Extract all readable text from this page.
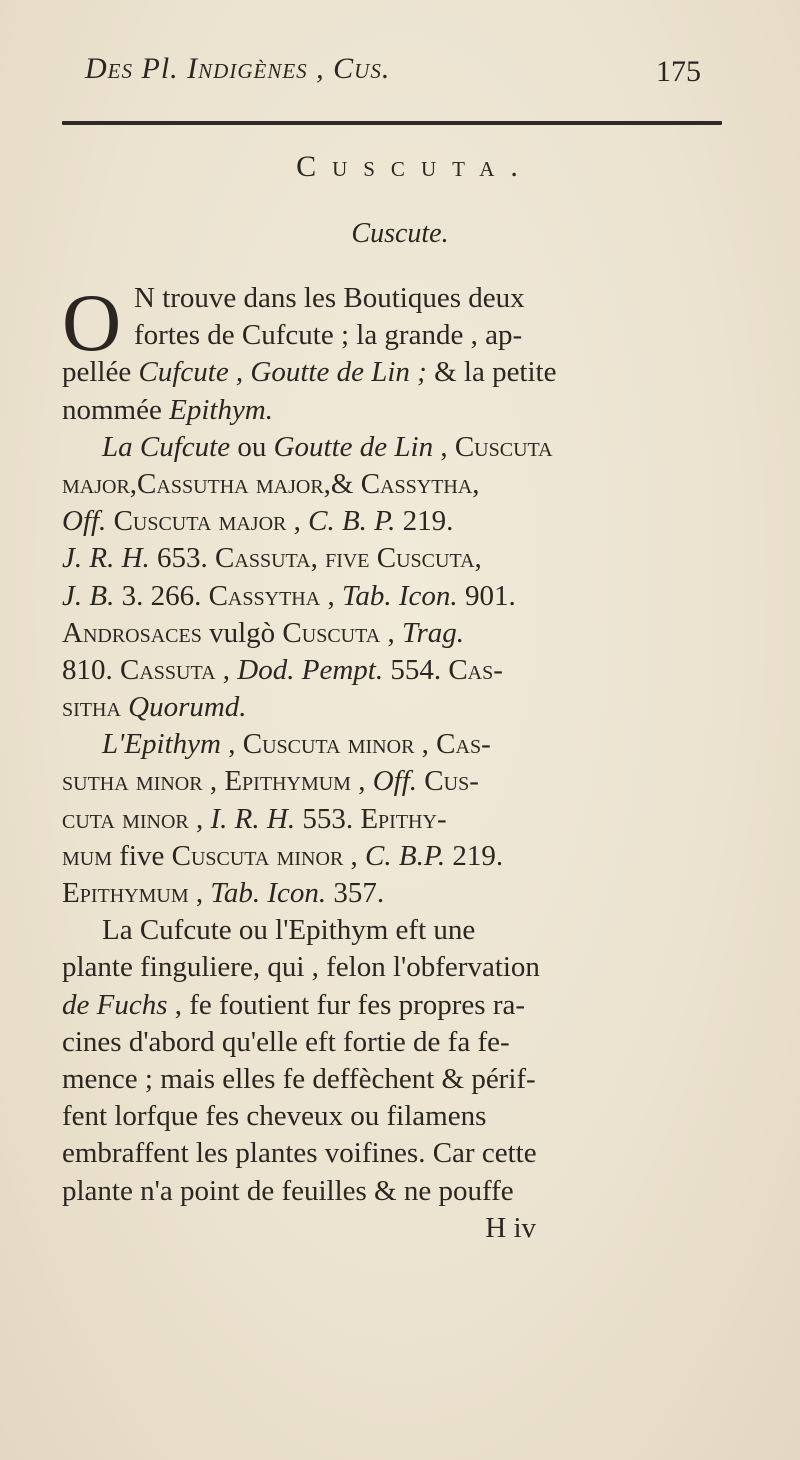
Des Pl. Indigènes , Cus.	175
Cuscuta.
Cuscute.
O N trouve dans les Boutiques deux
fortes de Cufcute ; la grande , ap-
pellée Cufcute , Goutte de Lin ; & la petite
nommée Epithym.
La Cufcute ou Goutte de Lin , Cuscuta
major,Cassutha major,& Cassytha,
Off. Cuscuta major , C. B. P. 219.
J. R. H. 653. Cassuta, five Cuscuta,
J. B. 3. 266. Cassytha , Tab. Icon. 901.
Androsaces vulgò Cuscuta , Trag.
810. Cassuta , Dod. Pempt. 554. Cas-
sitha Quorumd.
L'Epithym , Cuscuta minor , Cas-
sutha minor , Epithymum , Off. Cus-
cuta minor , I. R. H. 553. Epithy-
mum five Cuscuta minor , C. B.P. 219.
Epithymum , Tab. Icon. 357.
La Cufcute ou l'Epithym eft une
plante finguliere, qui , felon l'obfervation
de Fuchs , fe foutient fur fes propres ra-
cines d'abord qu'elle eft fortie de fa fe-
mence ; mais elles fe deffèchent & périf-
fent lorfque fes cheveux ou filamens
embraffent les plantes voifines. Car cette
plante n'a point de feuilles & ne pouffe
H iv
